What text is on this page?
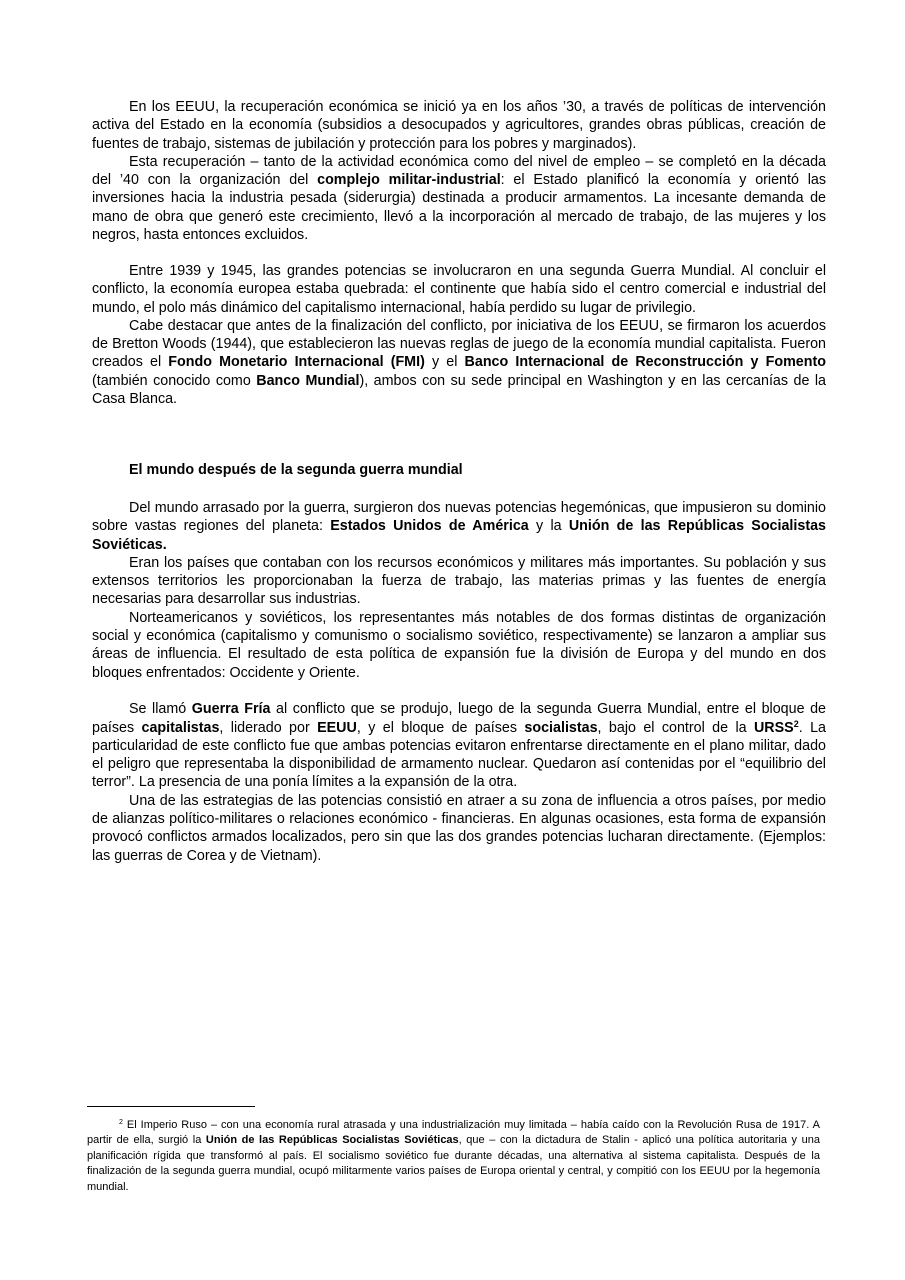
En los EEUU, la recuperación económica se inició ya en los años ’30, a través de políticas de intervención activa del Estado en la economía (subsidios a desocupados y agricultores, grandes obras públicas, creación de fuentes de trabajo, sistemas de jubilación y protección para los pobres y marginados).

Esta recuperación – tanto de la actividad económica como del nivel de empleo – se completó en la década del ’40 con la organización del complejo militar-industrial: el Estado planificó la economía y orientó las inversiones hacia la industria pesada (siderurgia) destinada a producir armamentos. La incesante demanda de mano de obra que generó este crecimiento, llevó a la incorporación al mercado de trabajo, de las mujeres y los negros, hasta entonces excluidos.

Entre 1939 y 1945, las grandes potencias se involucraron en una segunda Guerra Mundial. Al concluir el conflicto, la economía europea estaba quebrada: el continente que había sido el centro comercial e industrial del mundo, el polo más dinámico del capitalismo internacional, había perdido su lugar de privilegio.

Cabe destacar que antes de la finalización del conflicto, por iniciativa de los EEUU, se firmaron los acuerdos de Bretton Woods (1944), que establecieron las nuevas reglas de juego de la economía mundial capitalista. Fueron creados el Fondo Monetario Internacional (FMI) y el Banco Internacional de Reconstrucción y Fomento (también conocido como Banco Mundial), ambos con su sede principal en Washington y en las cercanías de la Casa Blanca.

El mundo después de la segunda guerra mundial

Del mundo arrasado por la guerra, surgieron dos nuevas potencias hegemónicas, que impusieron su dominio sobre vastas regiones del planeta: Estados Unidos de América y la Unión de las Repúblicas Socialistas Soviéticas.

Eran los países que contaban con los recursos económicos y militares más importantes. Su población y sus extensos territorios les proporcionaban la fuerza de trabajo, las materias primas y las fuentes de energía necesarias para desarrollar sus industrias.

Norteamericanos y soviéticos, los representantes más notables de dos formas distintas de organización social y económica (capitalismo y comunismo o socialismo soviético, respectivamente) se lanzaron a ampliar sus áreas de influencia. El resultado de esta política de expansión fue la división de Europa y del mundo en dos bloques enfrentados: Occidente y Oriente.

Se llamó Guerra Fría al conflicto que se produjo, luego de la segunda Guerra Mundial, entre el bloque de países capitalistas, liderado por EEUU, y el bloque de países socialistas, bajo el control de la URSS$^2$. La particularidad de este conflicto fue que ambas potencias evitaron enfrentarse directamente en el plano militar, dado el peligro que representaba la disponibilidad de armamento nuclear. Quedaron así contenidas por el “equilibrio del terror”. La presencia de una ponía límites a la expansión de la otra.

Una de las estrategias de las potencias consistió en atraer a su zona de influencia a otros países, por medio de alianzas político-militares o relaciones económico - financieras. En algunas ocasiones, esta forma de expansión provocó conflictos armados localizados, pero sin que las dos grandes potencias lucharan directamente. (Ejemplos: las guerras de Corea y de Vietnam).

$^2$ El Imperio Ruso – con una economía rural atrasada y una industrialización muy limitada – había caído con la Revolución Rusa de 1917. A partir de ella, surgió la Unión de las Repúblicas Socialistas Soviéticas, que – con la dictadura de Stalin - aplicó una política autoritaria y una planificación rígida que transformó al país. El socialismo soviético fue durante décadas, una alternativa al sistema capitalista. Después de la finalización de la segunda guerra mundial, ocupó militarmente varios países de Europa oriental y central, y compitió con los EEUU por la hegemonía mundial.
